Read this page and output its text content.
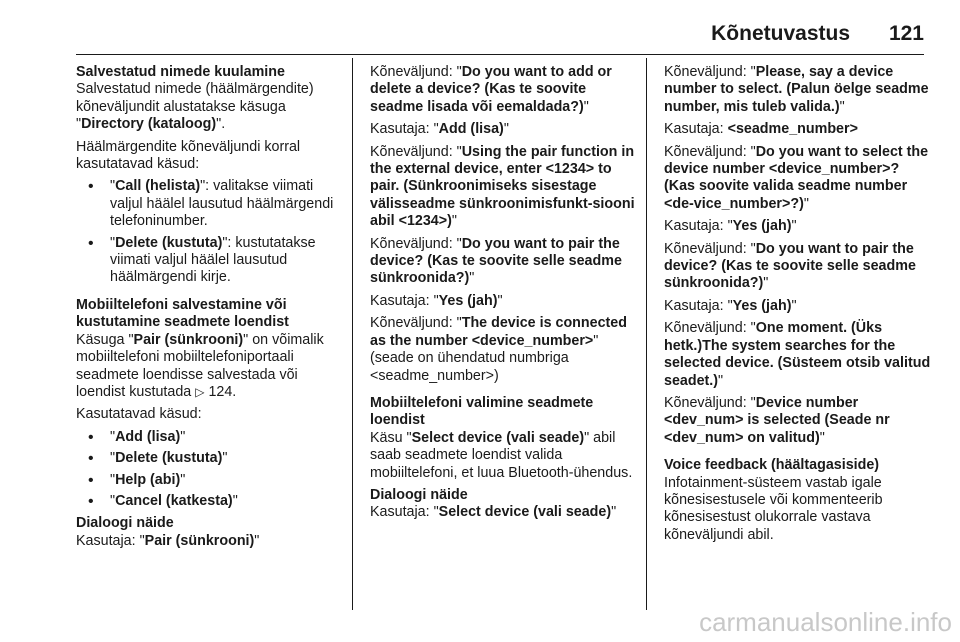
Kõnetuvastus 121

Salvestatud nimede kuulamine

Salvestatud nimede (häälmärgendite) kõneväljundit alustatakse käsuga "Directory (kataloog)".

Häälmärgendite kõneväljundi korral kasutatavad käsud:

• "Call (helista)": valitakse viimati valjul häälel lausutud häälmärgendi telefoninumber.
• "Delete (kustuta)": kustutatakse viimati valjul häälel lausutud häälmärgendi kirje.

Mobiiltelefoni salvestamine või kustutamine seadmete loendist

Käsuga "Pair (sünkrooni)" on võimalik mobiiltelefoni mobiiltelefoniportaali seadmete loendisse salvestada või loendist kustutada ▷ 124.

Kasutatavad käsud:

• "Add (lisa)"
• "Delete (kustuta)"
• "Help (abi)"
• "Cancel (katkesta)"

Dialoogi näide

Kasutaja: "Pair (sünkrooni)"

Kõneväljund: "Do you want to add or delete a device? (Kas te soovite seadme lisada või eemaldada?)"

Kasutaja: "Add (lisa)"

Kõneväljund: "Using the pair function in the external device, enter <1234> to pair. (Sünkroonimiseks sisestage välisseadme sünkroonimisfunkt-siooni abil <1234>)"

Kõneväljund: "Do you want to pair the device? (Kas te soovite selle seadme sünkroonida?)"

Kasutaja: "Yes (jah)"

Kõneväljund: "The device is connected as the number <device_number>" (seade on ühendatud numbriga <seadme_number>)

Mobiiltelefoni valimine seadmete loendist

Käsu "Select device (vali seade)" abil saab seadmete loendist valida mobiiltelefoni, et luua Bluetooth-ühendus.

Dialoogi näide

Kasutaja: "Select device (vali seade)"

Kõneväljund: "Please, say a device number to select. (Palun öelge seadme number, mis tuleb valida.)"

Kasutaja: <seadme_number>

Kõneväljund: "Do you want to select the device number <device_number>? (Kas soovite valida seadme number <de-vice_number>?)"

Kasutaja: "Yes (jah)"

Kõneväljund: "Do you want to pair the device? (Kas te soovite selle seadme sünkroonida?)"

Kasutaja: "Yes (jah)"

Kõneväljund: "One moment. (Üks hetk.)The system searches for the selected device. (Süsteem otsib valitud seadet.)"

Kõneväljund: "Device number <dev_num> is selected (Seade nr <dev_num> on valitud)"

Voice feedback (häältagasiside)

Infotainment-süsteem vastab igale kõnesisestusele või kommenteerib kõnesisestust olukorrale vastava kõneväljundi abil.

carmanualsonline.info
